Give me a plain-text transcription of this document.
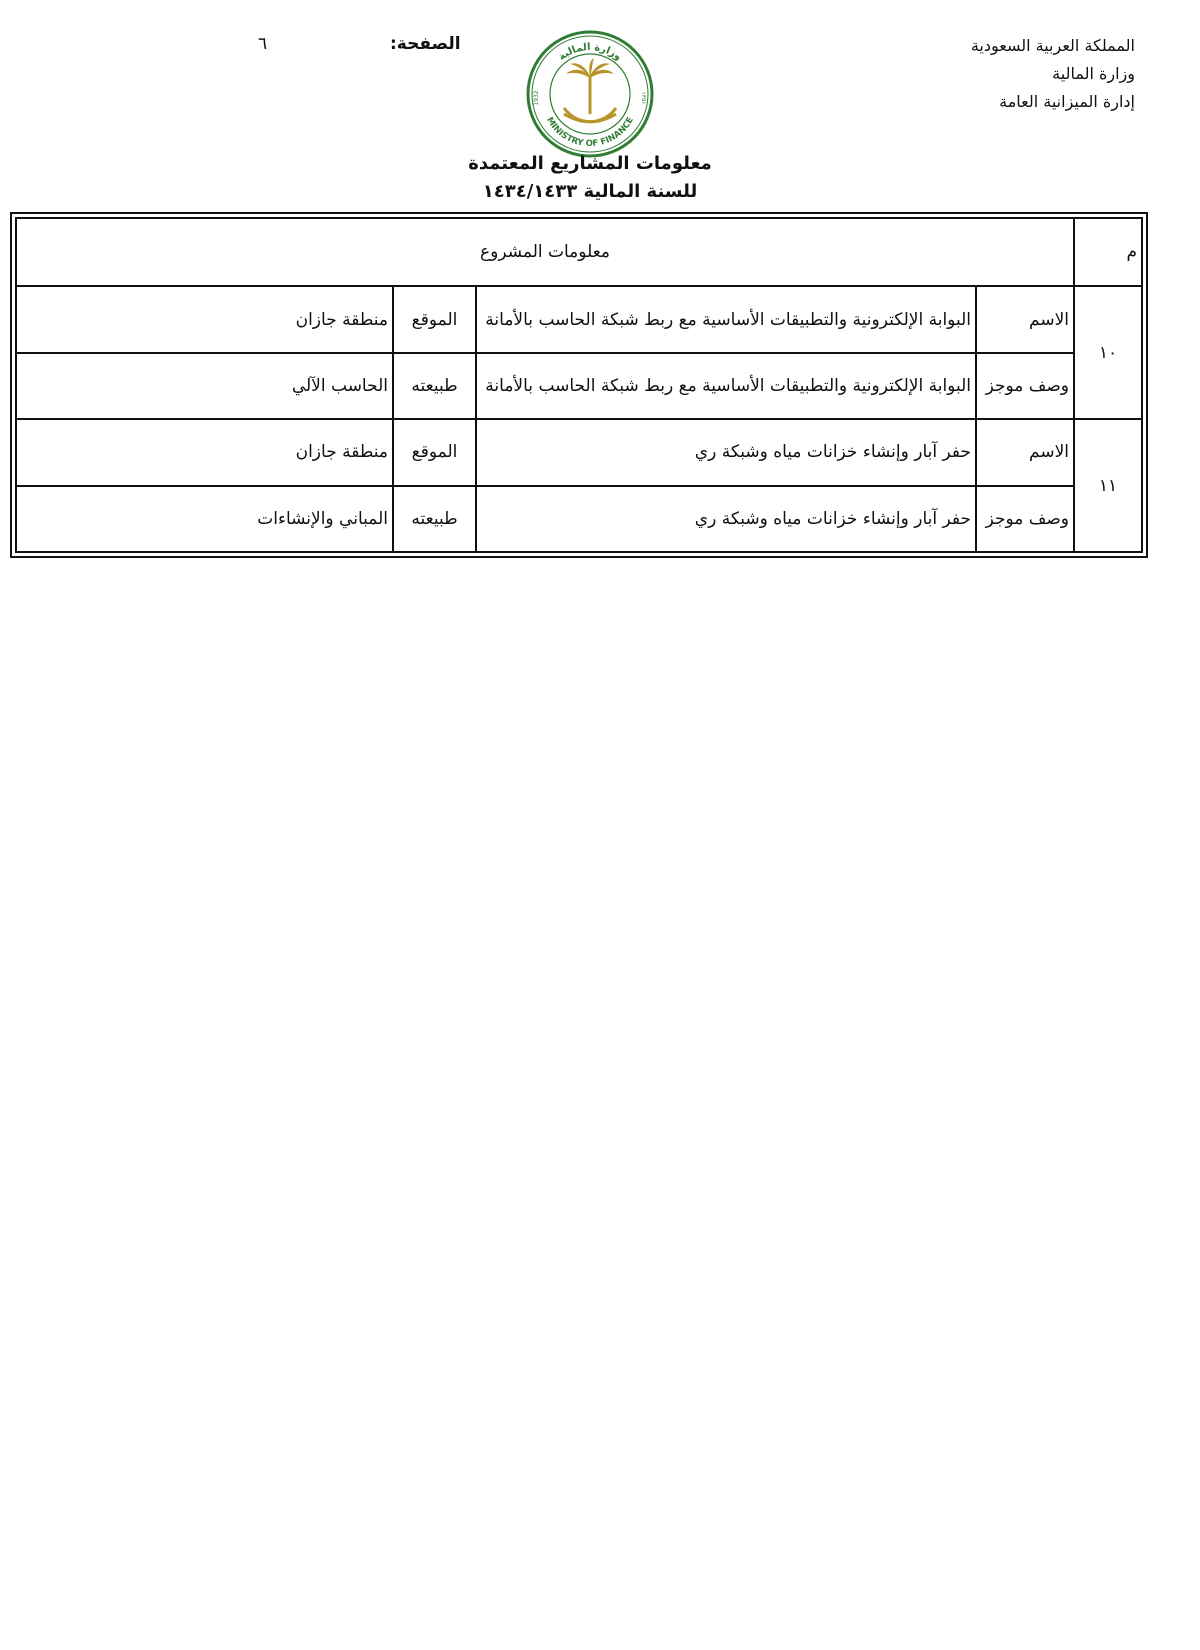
المملكة العربية السعودية
وزارة المالية
إدارة الميزانية العامة
وزارة المالية
MINISTRY OF FINANCE
1932	١٣٥١
الصفحة:
٦
معلومات المشاريع المعتمدة
للسنة المالية ١٤٣٤/١٤٣٣
م	معلومات المشروع			
١٠	الاسم	البوابة الإلكترونية والتطبيقات الأساسية مع ربط شبكة الحاسب بالأمانة	الموقع	منطقة جازان
	وصف موجز	البوابة الإلكترونية والتطبيقات الأساسية مع ربط شبكة الحاسب بالأمانة	طبيعته	الحاسب الآلي
١١	الاسم	حفر آبار وإنشاء خزانات مياه وشبكة ري	الموقع	منطقة جازان
	وصف موجز	حفر آبار وإنشاء خزانات مياه وشبكة ري	طبيعته	المباني والإنشاءات
